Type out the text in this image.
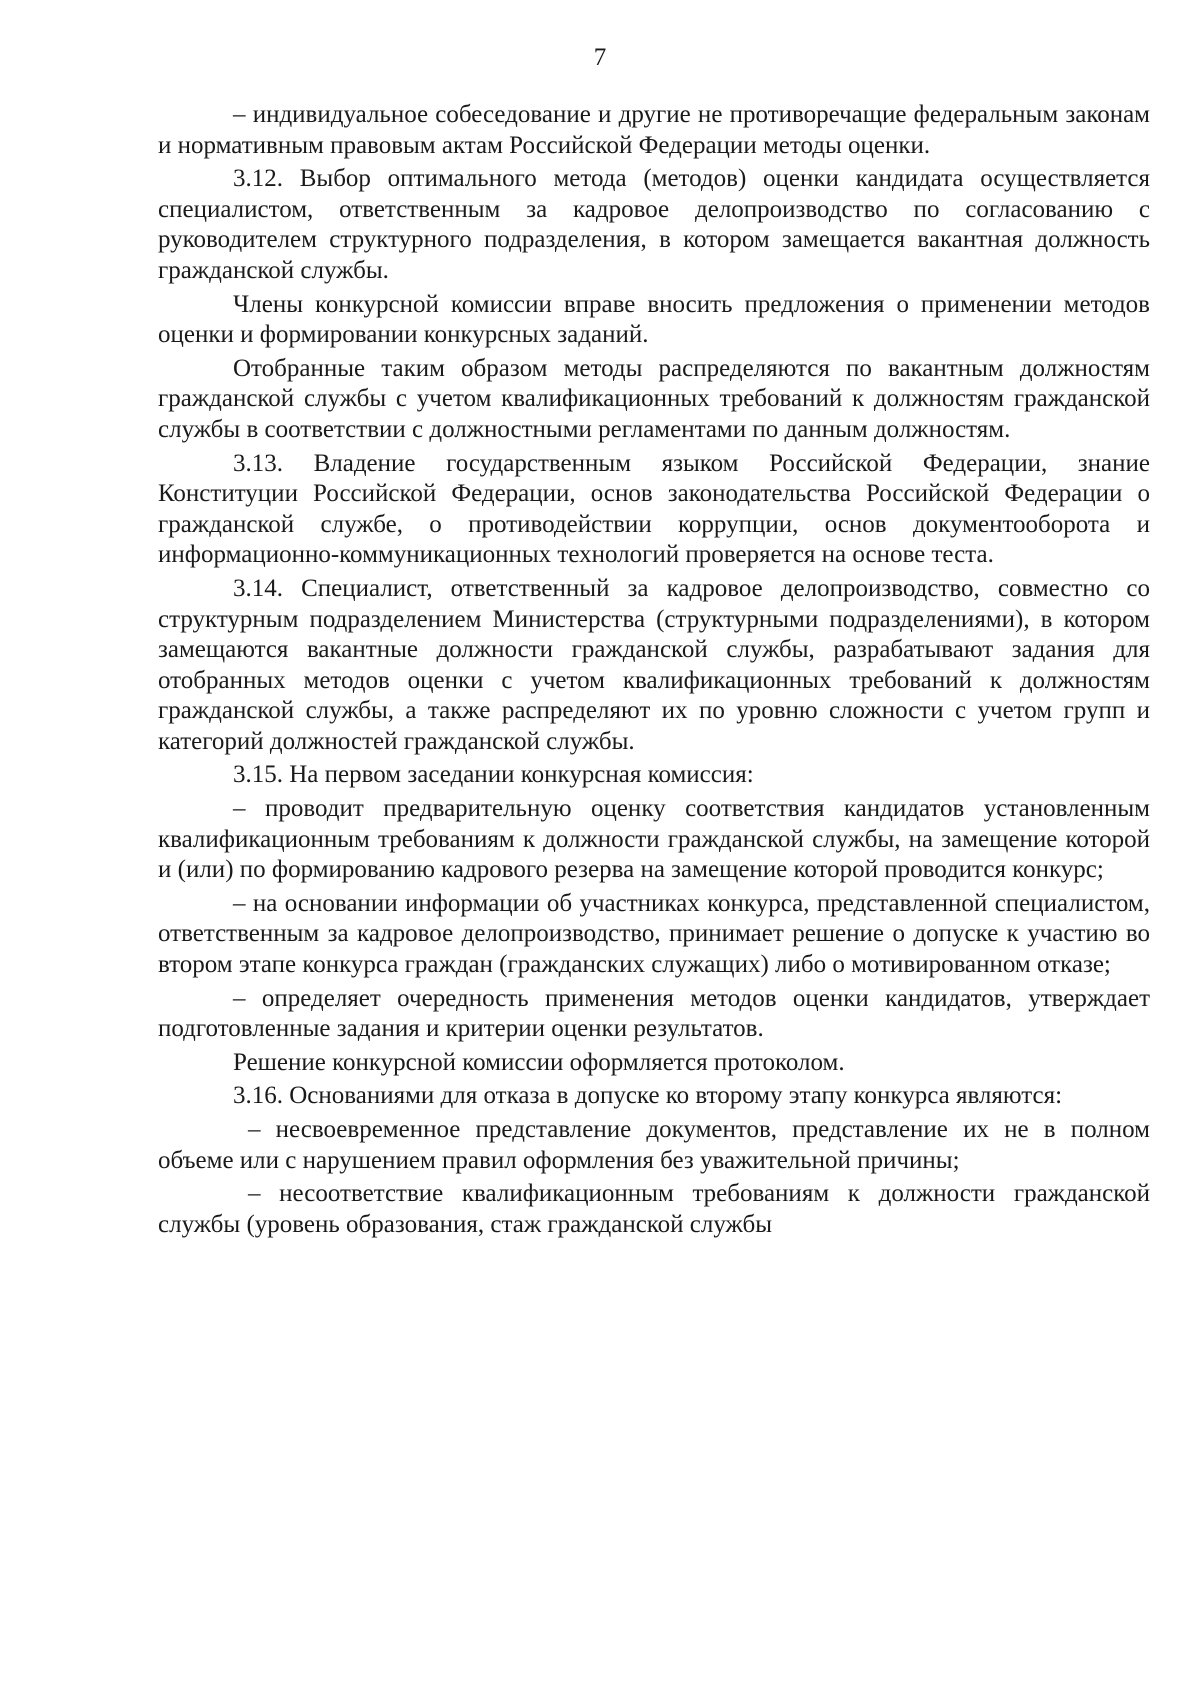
7

– индивидуальное собеседование и другие не противоречащие федеральным законам и нормативным правовым актам Российской Федерации методы оценки.

3.12. Выбор оптимального метода (методов) оценки кандидата осуществляется специалистом, ответственным за кадровое делопроизводство по согласованию с руководителем структурного подразделения, в котором замещается вакантная должность гражданской службы.

Члены конкурсной комиссии вправе вносить предложения о применении методов оценки и формировании конкурсных заданий.

Отобранные таким образом методы распределяются по вакантным должностям гражданской службы с учетом квалификационных требований к должностям гражданской службы в соответствии с должностными регламентами по данным должностям.

3.13. Владение государственным языком Российской Федерации, знание Конституции Российской Федерации, основ законодательства Российской Федерации о гражданской службе, о противодействии коррупции, основ документооборота и информационно-коммуникационных технологий проверяется на основе теста.

3.14. Специалист, ответственный за кадровое делопроизводство, совместно со структурным подразделением Министерства (структурными подразделениями), в котором замещаются вакантные должности гражданской службы, разрабатывают задания для отобранных методов оценки с учетом квалификационных требований к должностям гражданской службы, а также распределяют их по уровню сложности с учетом групп и категорий должностей гражданской службы.

3.15. На первом заседании конкурсная комиссия:

– проводит предварительную оценку соответствия кандидатов установленным квалификационным требованиям к должности гражданской службы, на замещение которой и (или) по формированию кадрового резерва на замещение которой проводится конкурс;

– на основании информации об участниках конкурса, представленной специалистом, ответственным за кадровое делопроизводство, принимает решение о допуске к участию во втором этапе конкурса граждан (гражданских служащих) либо о мотивированном отказе;

– определяет очередность применения методов оценки кандидатов, утверждает подготовленные задания и критерии оценки результатов.

Решение конкурсной комиссии оформляется протоколом.

3.16. Основаниями для отказа в допуске ко второму этапу конкурса являются:

– несвоевременное представление документов, представление их не в полном объеме или с нарушением правил оформления без уважительной причины;

– несоответствие квалификационным требованиям к должности гражданской службы (уровень образования, стаж гражданской службы
